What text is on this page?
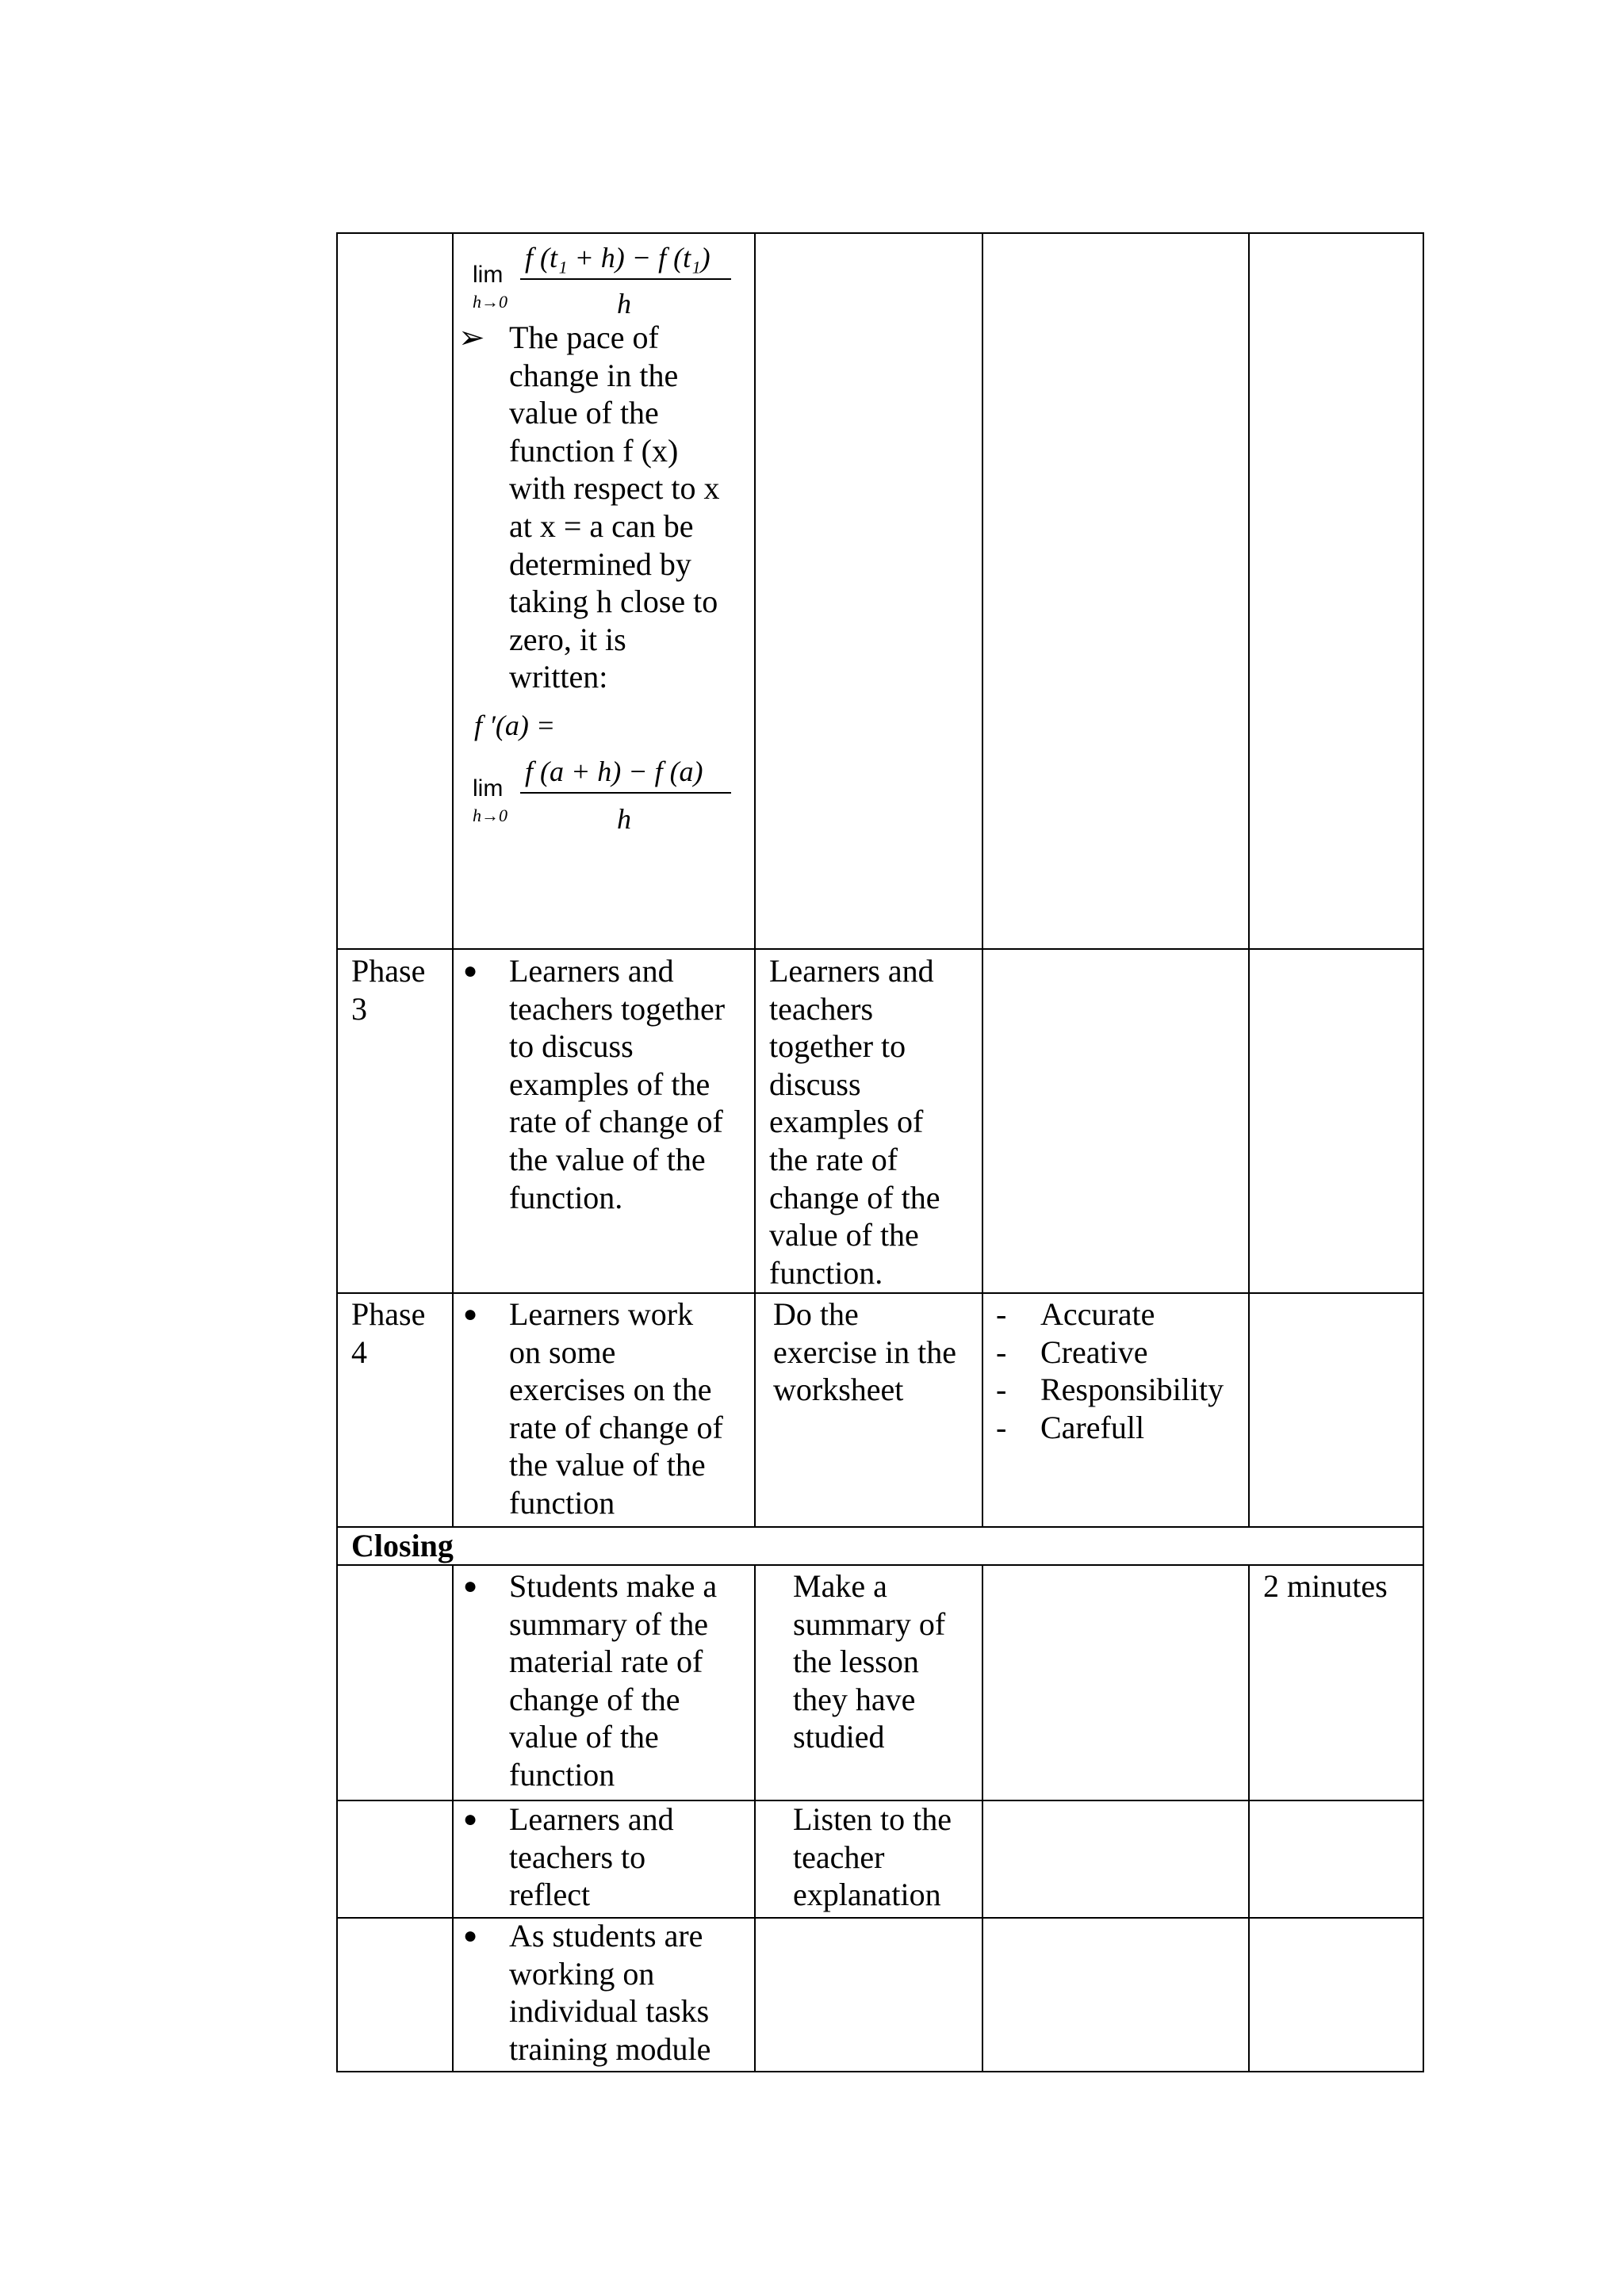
lim
h→0
f (t₁ + h) − f (t₁)
h
➢ The pace of
change in the
value of the
function f (x)
with respect to x
at x = a can be
determined by
taking h close to
zero, it is
written:
f ′(a) =
lim
h→0
f (a + h) − f (a)
h
Phase
3
● Learners and
teachers together
to discuss
examples of the
rate of change of
the value of the
function.
Learners and
teachers
together to
discuss
examples of
the rate of
change of the
value of the
function.
Phase
4
● Learners work
on some
exercises on the
rate of change of
the value of the
function
Do the
exercise in the
worksheet
- Accurate
- Creative
- Responsibility
- Carefull
Closing
● Students make a
summary of the
material rate of
change of the
value of the
function
Make a
summary of
the lesson
they have
studied
2 minutes
● Learners and
teachers to
reflect
Listen to the
teacher
explanation
● As students are
working on
individual tasks
training module
